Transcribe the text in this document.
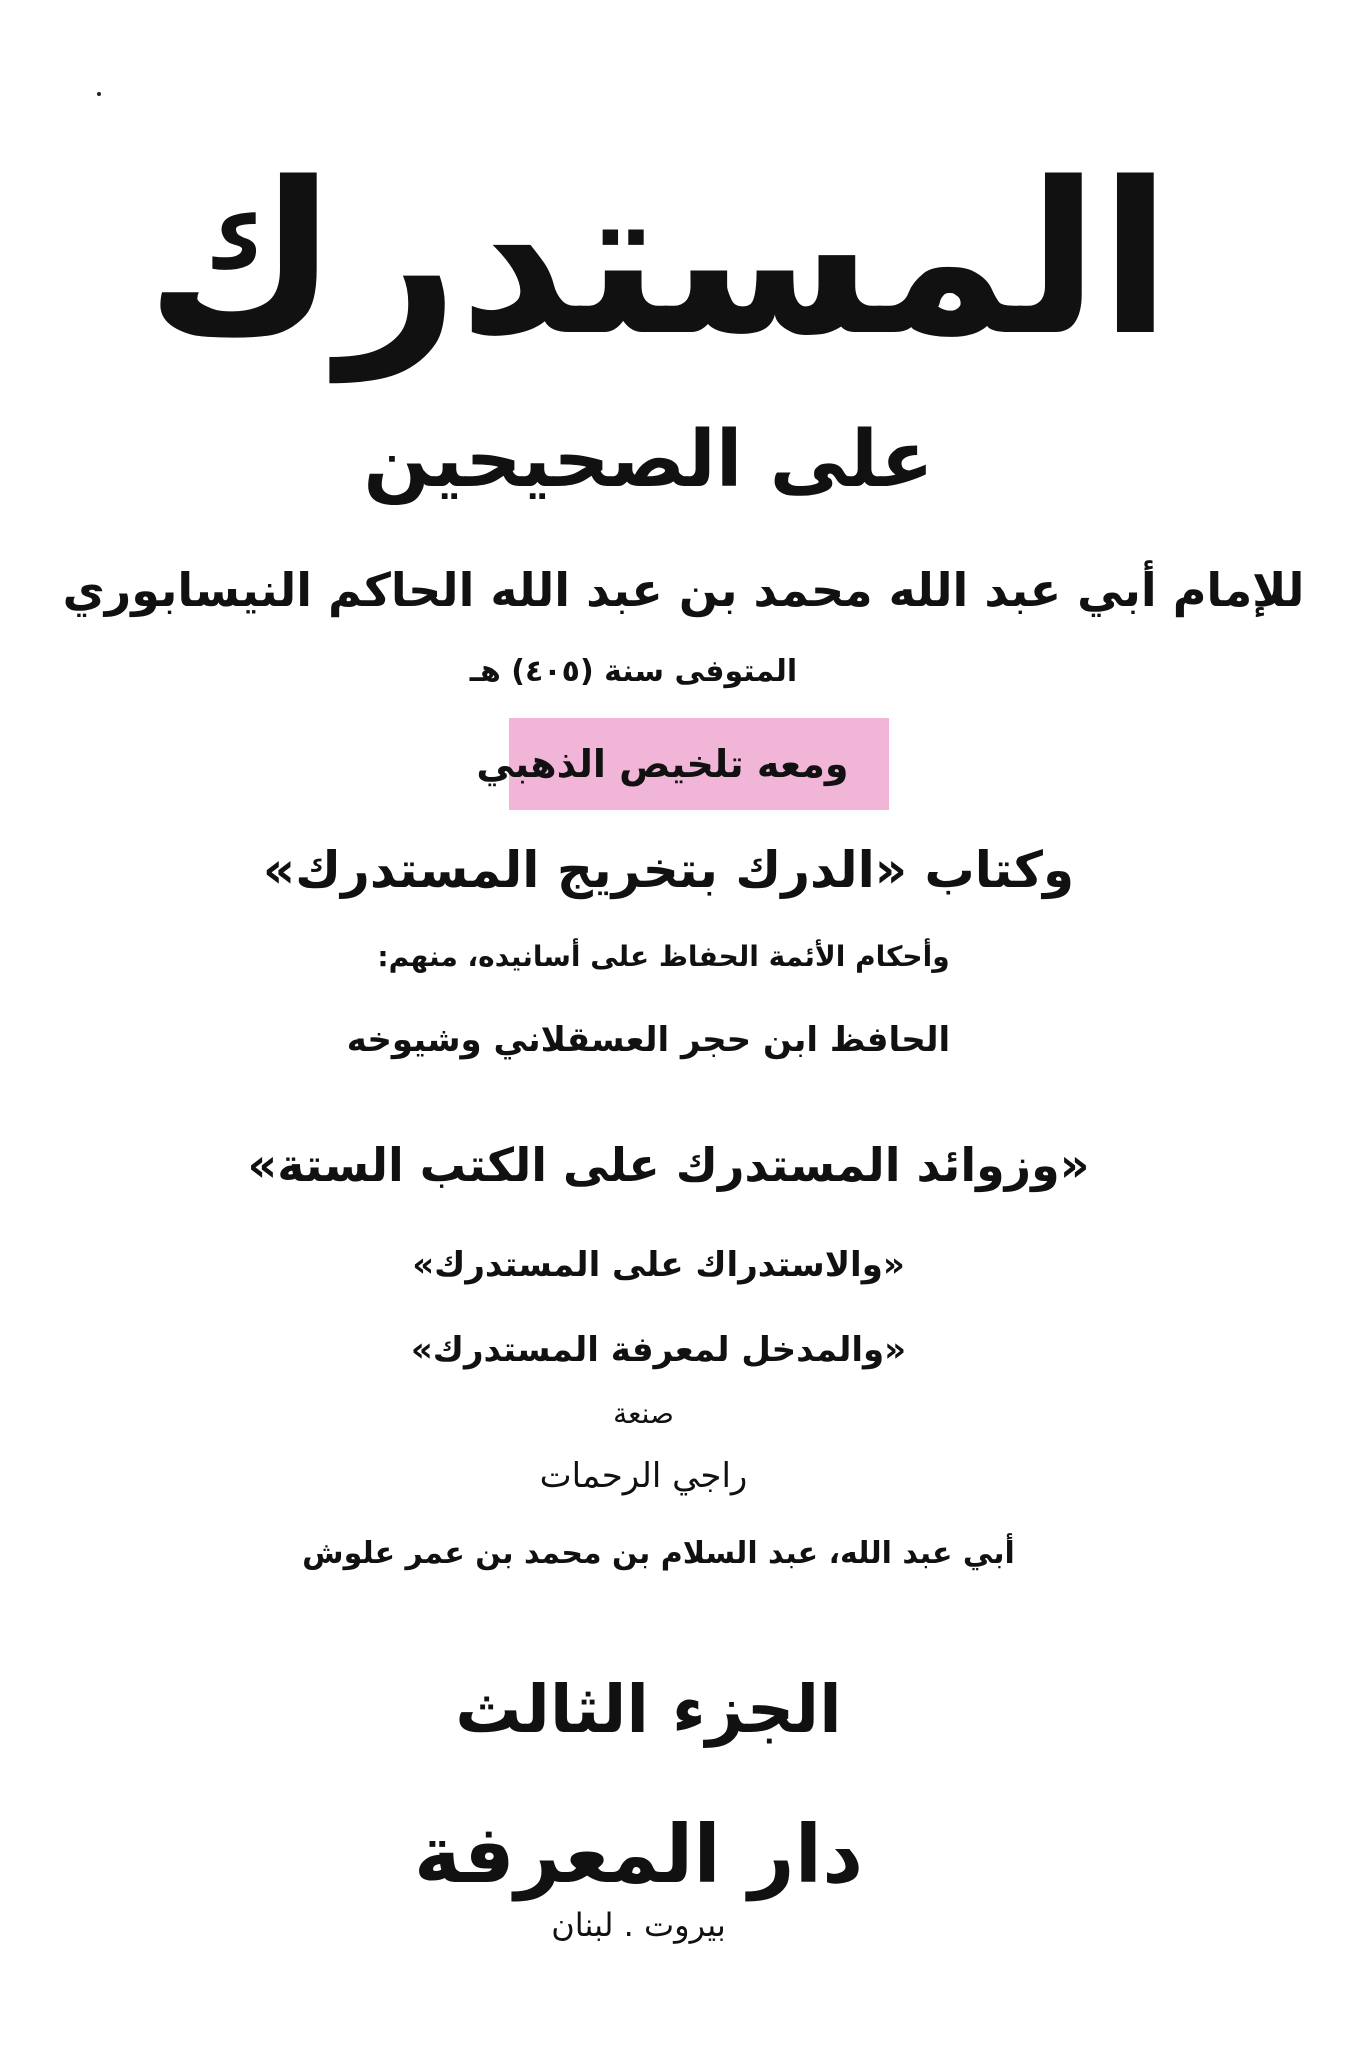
المستدرك
على الصحيحين
للإمام أبي عبد الله محمد بن عبد الله الحاكم النيسابوري
المتوفى سنة (٤٠٥) هـ
ومعه تلخيص الذهبي
وكتاب «الدرك بتخريج المستدرك»
وأحكام الأئمة الحفاظ على أسانيده، منهم:
الحافظ ابن حجر العسقلاني وشيوخه
«وزوائد المستدرك على الكتب الستة»
«والاستدراك على المستدرك»
«والمدخل لمعرفة المستدرك»
صنعة
راجي الرحمات
أبي عبد الله، عبد السلام بن محمد بن عمر علوش
الجزء الثالث
دار المعرفة
بيروت . لبنان
